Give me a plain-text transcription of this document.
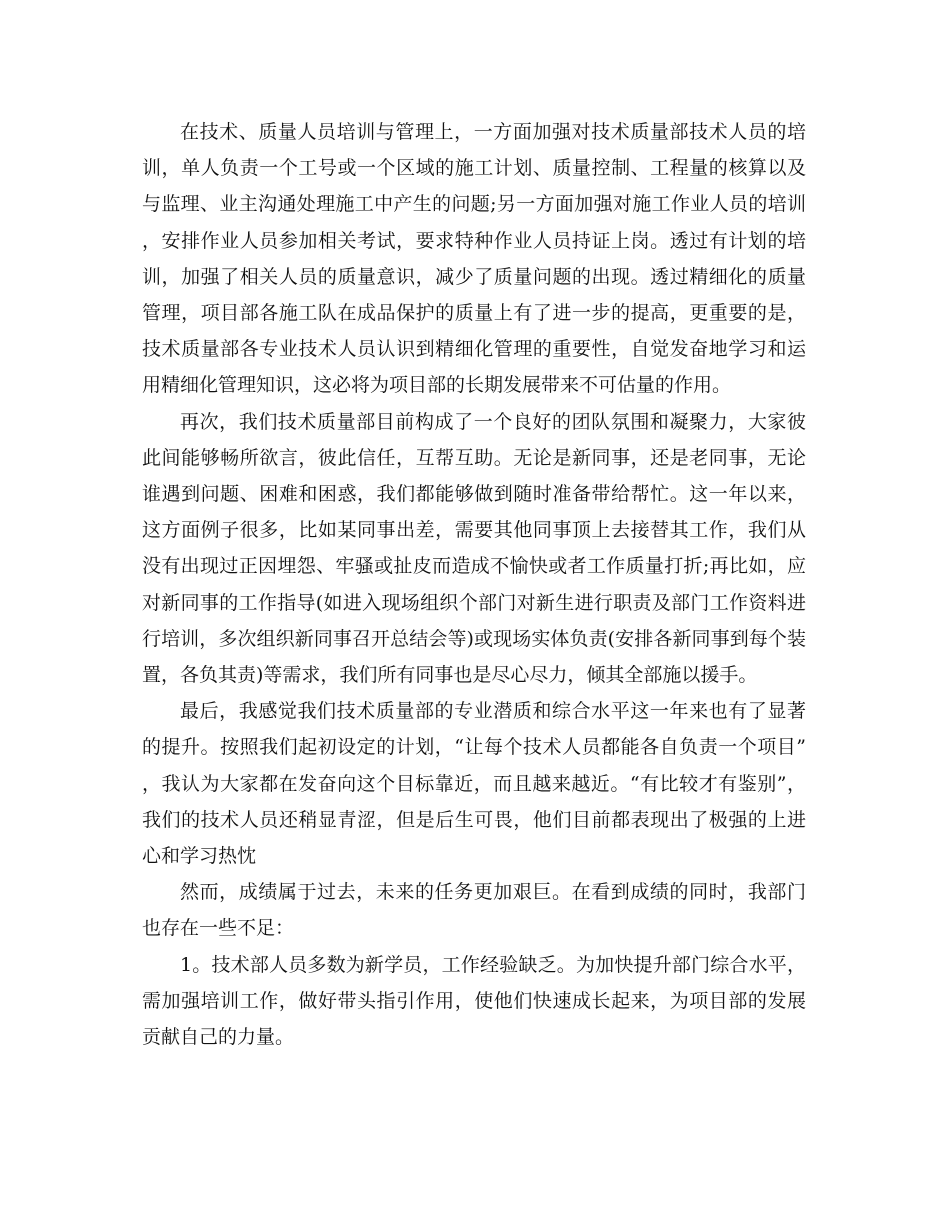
在技术、质量人员培训与管理上，一方面加强对技术质量部技术人员的培训，单人负责一个工号或一个区域的施工计划、质量控制、工程量的核算以及与监理、业主沟通处理施工中产生的问题;另一方面加强对施工作业人员的培训，安排作业人员参加相关考试，要求特种作业人员持证上岗。透过有计划的培训，加强了相关人员的质量意识，减少了质量问题的出现。透过精细化的质量管理，项目部各施工队在成品保护的质量上有了进一步的提高，更重要的是，技术质量部各专业技术人员认识到精细化管理的重要性，自觉发奋地学习和运用精细化管理知识，这必将为项目部的长期发展带来不可估量的作用。

再次，我们技术质量部目前构成了一个良好的团队氛围和凝聚力，大家彼此间能够畅所欲言，彼此信任，互帮互助。无论是新同事，还是老同事，无论谁遇到问题、困难和困惑，我们都能够做到随时准备带给帮忙。这一年以来，这方面例子很多，比如某同事出差，需要其他同事顶上去接替其工作，我们从没有出现过正因埋怨、牢骚或扯皮而造成不愉快或者工作质量打折;再比如，应对新同事的工作指导(如进入现场组织个部门对新生进行职责及部门工作资料进行培训，多次组织新同事召开总结会等)或现场实体负责(安排各新同事到每个装置，各负其责)等需求，我们所有同事也是尽心尽力，倾其全部施以援手。

最后，我感觉我们技术质量部的专业潜质和综合水平这一年来也有了显著的提升。按照我们起初设定的计划，“让每个技术人员都能各自负责一个项目”，我认为大家都在发奋向这个目标靠近，而且越来越近。“有比较才有鉴别”，我们的技术人员还稍显青涩，但是后生可畏，他们目前都表现出了极强的上进心和学习热忱

然而，成绩属于过去，未来的任务更加艰巨。在看到成绩的同时，我部门也存在一些不足：

1。技术部人员多数为新学员，工作经验缺乏。为加快提升部门综合水平，需加强培训工作，做好带头指引作用，使他们快速成长起来，为项目部的发展贡献自己的力量。
